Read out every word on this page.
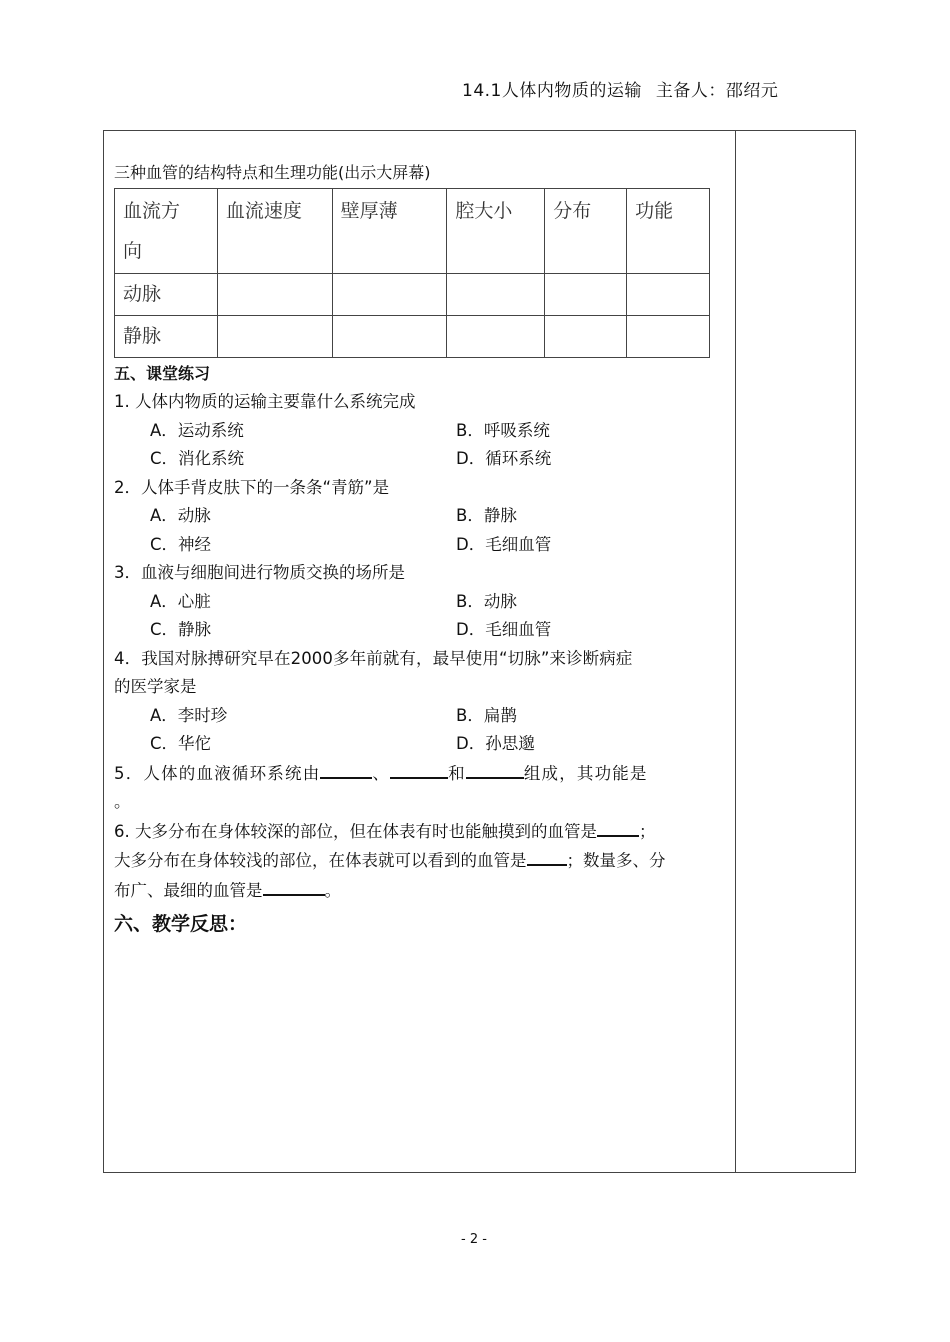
14.1人体内物质的运输 主备人：邵绍元
三种血管的结构特点和生理功能(出示大屏幕)
血流方
向	血流速度	壁厚薄	腔大小	分布	功能
动脉					
静脉					
五、课堂练习
1. 人体内物质的运输主要靠什么系统完成
A．运动系统	B．呼吸系统
C．消化系统	D．循环系统
2．人体手背皮肤下的一条条“青筋”是
A．动脉	B．静脉
C．神经	D．毛细血管
3．血液与细胞间进行物质交换的场所是
A．心脏	B．动脉
C．静脉	D．毛细血管
4．我国对脉搏研究早在2000多年前就有，最早使用“切脉”来诊断病症
的医学家是
A．李时珍	B．扁鹊
C．华佗	D．孙思邈
5．人体的血液循环系统由	、	和	组成，其功能是
。
6. 大多分布在身体较深的部位，但在体表有时也能触摸到的血管是	；
大多分布在身体较浅的部位，在体表就可以看到的血管是 ；数量多、分
布广、最细的血管是	。
六、教学反思：
- 2 -
